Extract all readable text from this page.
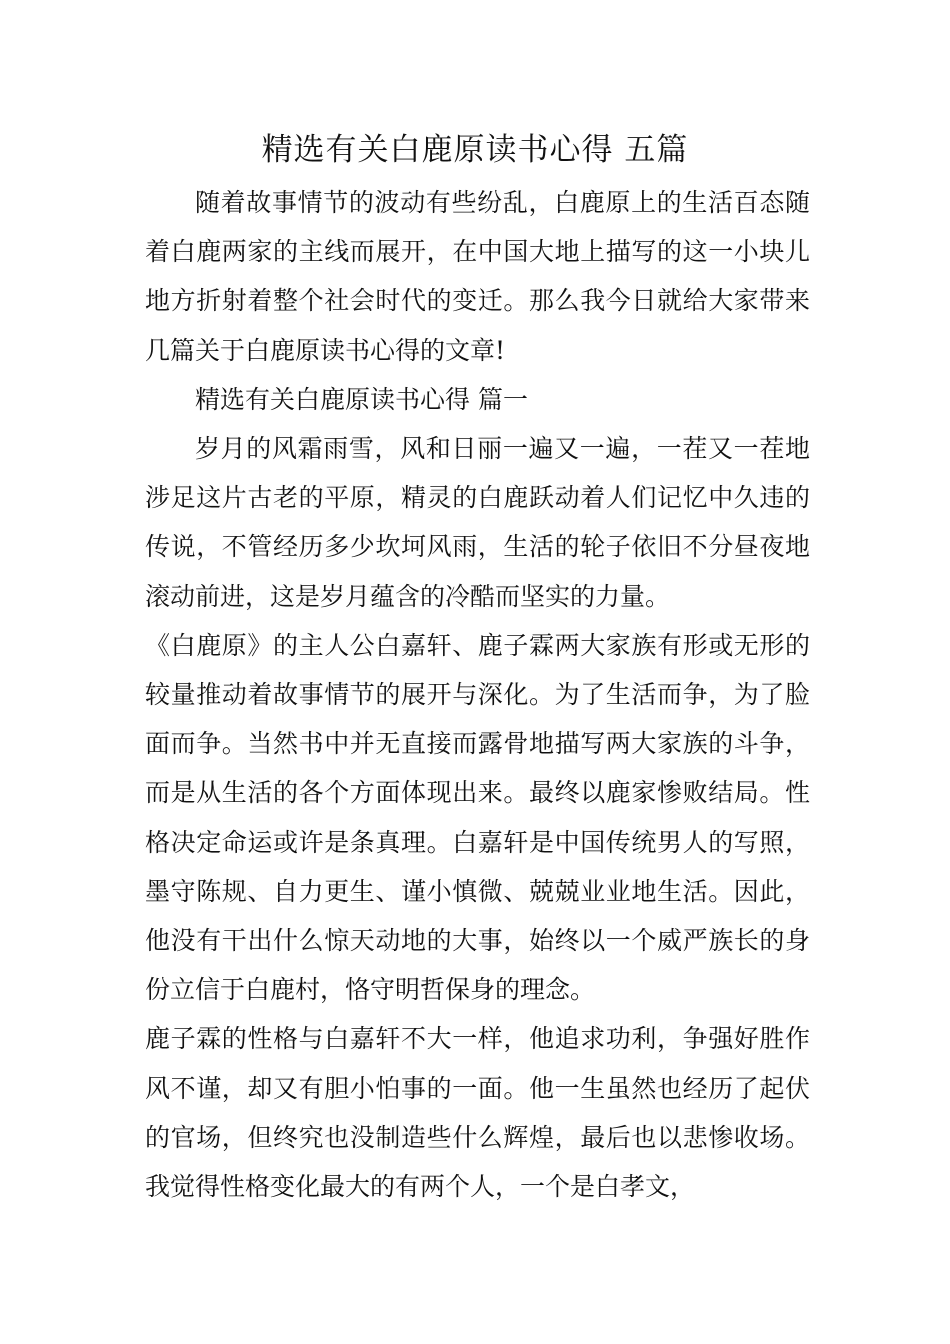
精选有关白鹿原读书心得 五篇

随着故事情节的波动有些纷乱，白鹿原上的生活百态随着白鹿两家的主线而展开，在中国大地上描写的这一小块儿地方折射着整个社会时代的变迁。那么我今日就给大家带来几篇关于白鹿原读书心得的文章!

精选有关白鹿原读书心得 篇一

岁月的风霜雨雪，风和日丽一遍又一遍，一茬又一茬地涉足这片古老的平原，精灵的白鹿跃动着人们记忆中久违的传说，不管经历多少坎坷风雨，生活的轮子依旧不分昼夜地滚动前进，这是岁月蕴含的冷酷而坚实的力量。

《白鹿原》的主人公白嘉轩、鹿子霖两大家族有形或无形的较量推动着故事情节的展开与深化。为了生活而争，为了脸面而争。当然书中并无直接而露骨地描写两大家族的斗争，而是从生活的各个方面体现出来。最终以鹿家惨败结局。性格决定命运或许是条真理。白嘉轩是中国传统男人的写照，墨守陈规、自力更生、谨小慎微、兢兢业业地生活。因此，他没有干出什么惊天动地的大事，始终以一个威严族长的身份立信于白鹿村，恪守明哲保身的理念。

鹿子霖的性格与白嘉轩不大一样，他追求功利，争强好胜作风不谨，却又有胆小怕事的一面。他一生虽然也经历了起伏的官场，但终究也没制造些什么辉煌，最后也以悲惨收场。我觉得性格变化最大的有两个人，一个是白孝文，
